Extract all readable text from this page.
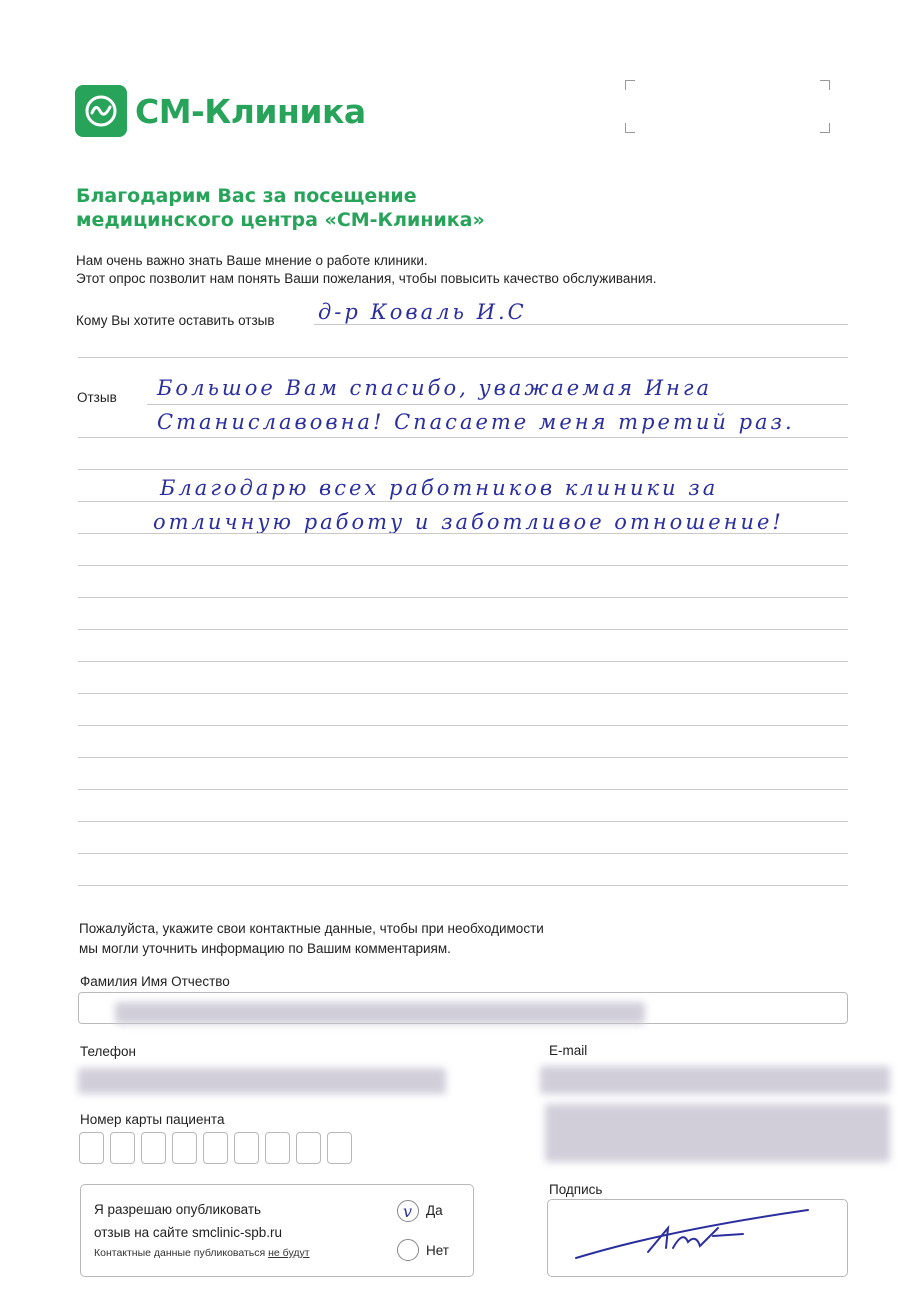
СМ-Клиника
Благодарим Вас за посещение
медицинского центра «СМ-Клиника»
Нам очень важно знать Ваше мнение о работе клиники.
Этот опрос позволит нам понять Ваши пожелания, чтобы повысить качество обслуживания.
Кому Вы хотите оставить отзыв д-р Коваль И.С
Отзыв Большое Вам спасибо, уважаемая Инга
Станиславовна! Спасаете меня третий раз.
Благодарю всех работников клиники за
отличную работу и заботливое отношение!
Пожалуйста, укажите свои контактные данные, чтобы при необходимости
мы могли уточнить информацию по Вашим комментариям.
Фамилия Имя Отчество
Телефон	E-mail
Номер карты пациента
Я разрешаю опубликовать
отзыв на сайте smclinic-spb.ru
Контактные данные публиковаться не будут
v Да
Нет
Подпись
